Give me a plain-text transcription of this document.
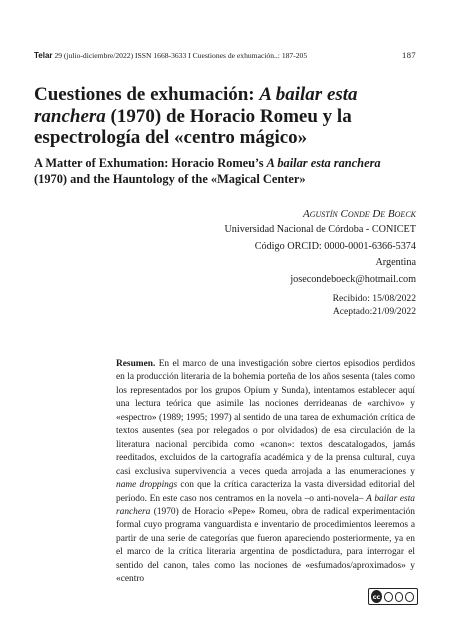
Telar 29 (julio-diciembre/2022) ISSN 1668-3633 I Cuestiones de exhumación..: 187-205	187
Cuestiones de exhumación: A bailar esta ranchera (1970) de Horacio Romeu y la espectrología del «centro mágico»
A Matter of Exhumation: Horacio Romeu’s A bailar esta ranchera (1970) and the Hauntology of the «Magical Center»
Agustín Conde De Boeck
Universidad Nacional de Córdoba - CONICET
Código ORCID: 0000-0001-6366-5374
Argentina
josecondeboeck@hotmail.com
Recibido: 15/08/2022
Aceptado:21/09/2022

Resumen. En el marco de una investigación sobre ciertos episodios perdidos en la producción literaria de la bohemia porteña de los años sesenta (tales como los representados por los grupos Opium y Sunda), intentamos establecer aquí una lectura teórica que asimile las nociones derrideanas de «archivo» y «espectro» (1989; 1995; 1997) al sentido de una tarea de exhumación crítica de textos ausentes (sea por relegados o por olvidados) de esa circulación de la literatura nacional percibida como «canon»: textos descatalogados, jamás reeditados, excluidos de la cartografía académica y de la prensa cultural, cuya casi exclusiva supervivencia a veces queda arrojada a las enumeraciones y name droppings con que la crítica caracteriza la vasta diversidad editorial del período. En este caso nos centramos en la novela –o anti-novela– A bailar esta ranchera (1970) de Horacio «Pepe» Romeu, obra de radical experimentación formal cuyo programa vanguardista e inventario de procedimientos leeremos a partir de una serie de categorías que fueron apareciendo posteriormente, ya en el marco de la crítica literaria argentina de posdictadura, para interrogar el sentido del canon, tales como las nociones de «esfumados/aproximados» y «centro

cc
